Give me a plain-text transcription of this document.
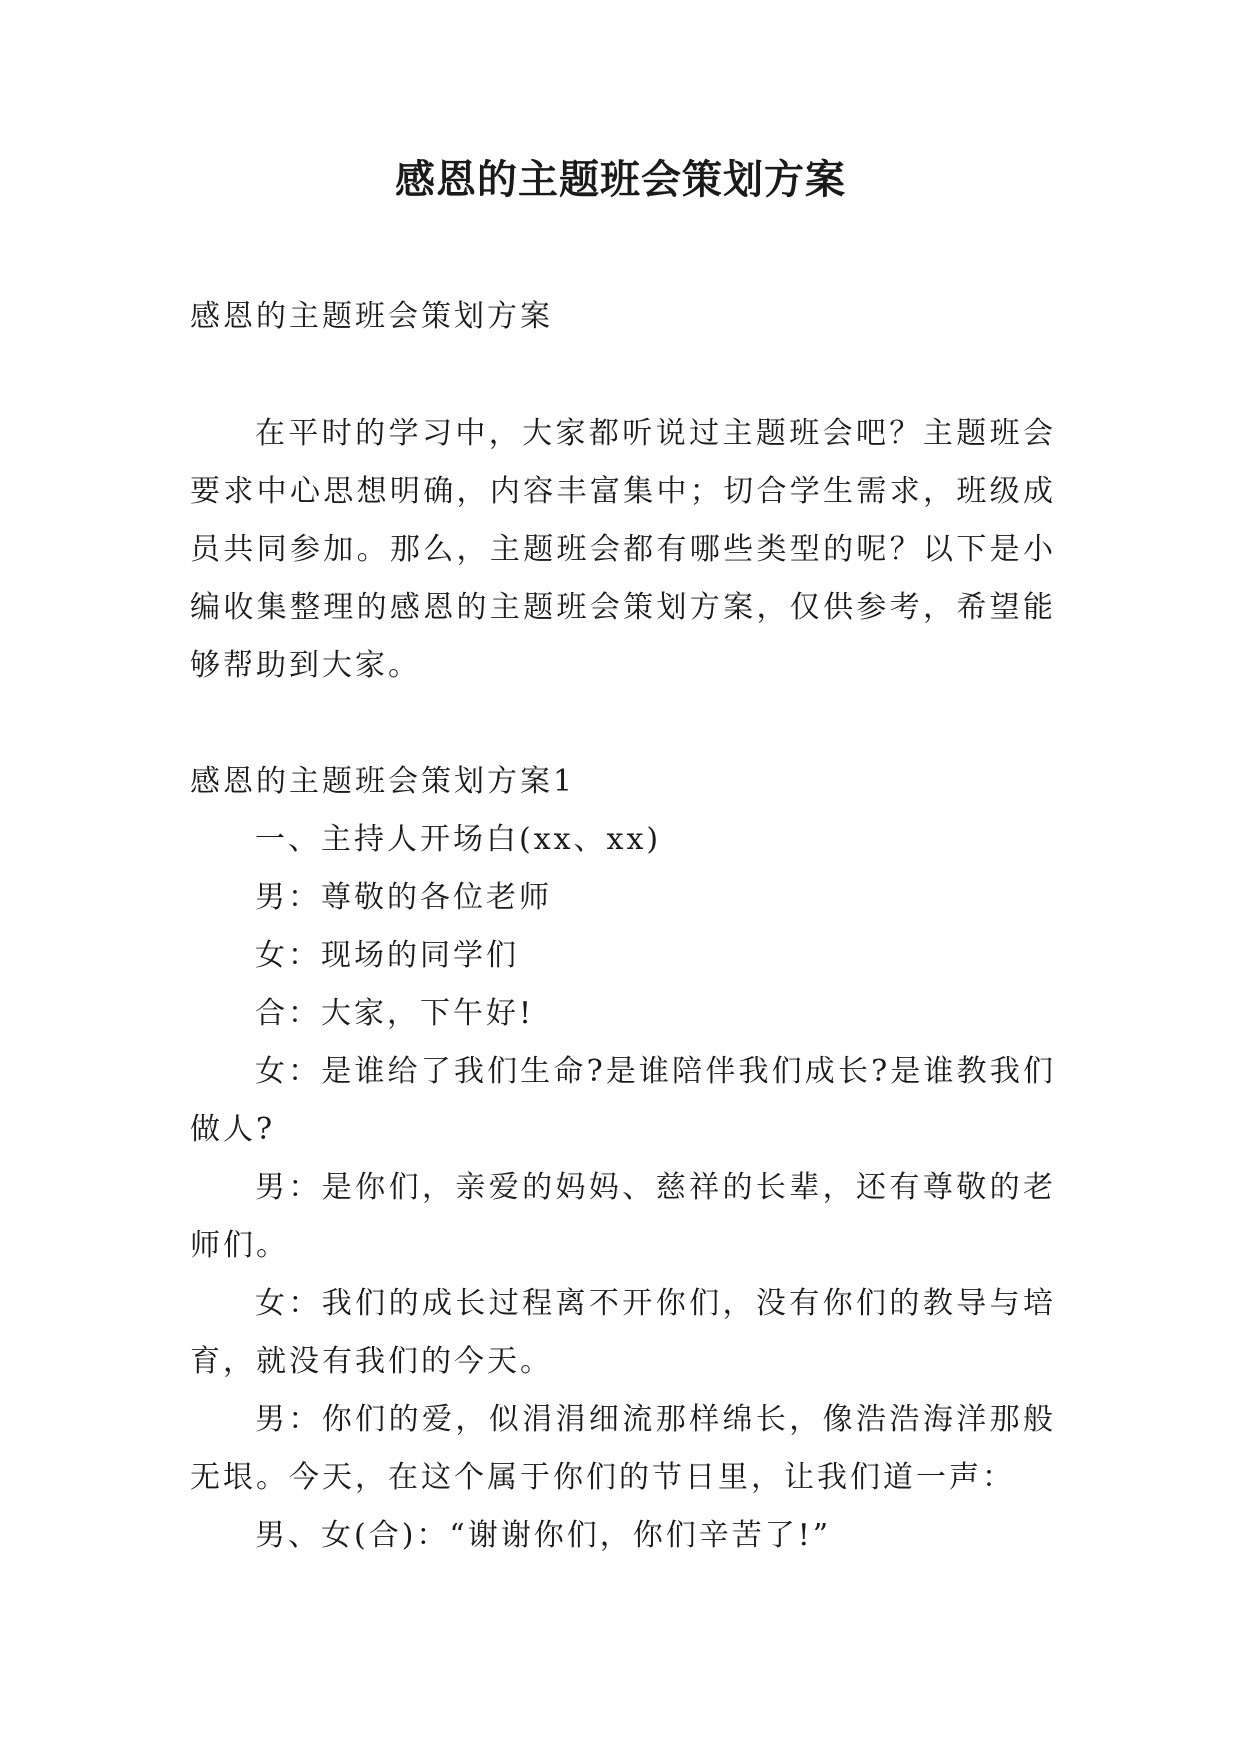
感恩的主题班会策划方案

感恩的主题班会策划方案

在平时的学习中，大家都听说过主题班会吧？主题班会要求中心思想明确，内容丰富集中；切合学生需求，班级成员共同参加。那么，主题班会都有哪些类型的呢？以下是小编收集整理的感恩的主题班会策划方案，仅供参考，希望能够帮助到大家。

感恩的主题班会策划方案1

一、主持人开场白(xx、xx)

男：尊敬的各位老师

女：现场的同学们

合：大家，下午好!

女：是谁给了我们生命?是谁陪伴我们成长?是谁教我们做人?

男：是你们，亲爱的妈妈、慈祥的长辈，还有尊敬的老师们。

女：我们的成长过程离不开你们，没有你们的教导与培育，就没有我们的今天。

男：你们的爱，似涓涓细流那样绵长，像浩浩海洋那般无垠。今天，在这个属于你们的节日里，让我们道一声：

男、女(合)：“谢谢你们，你们辛苦了!”
